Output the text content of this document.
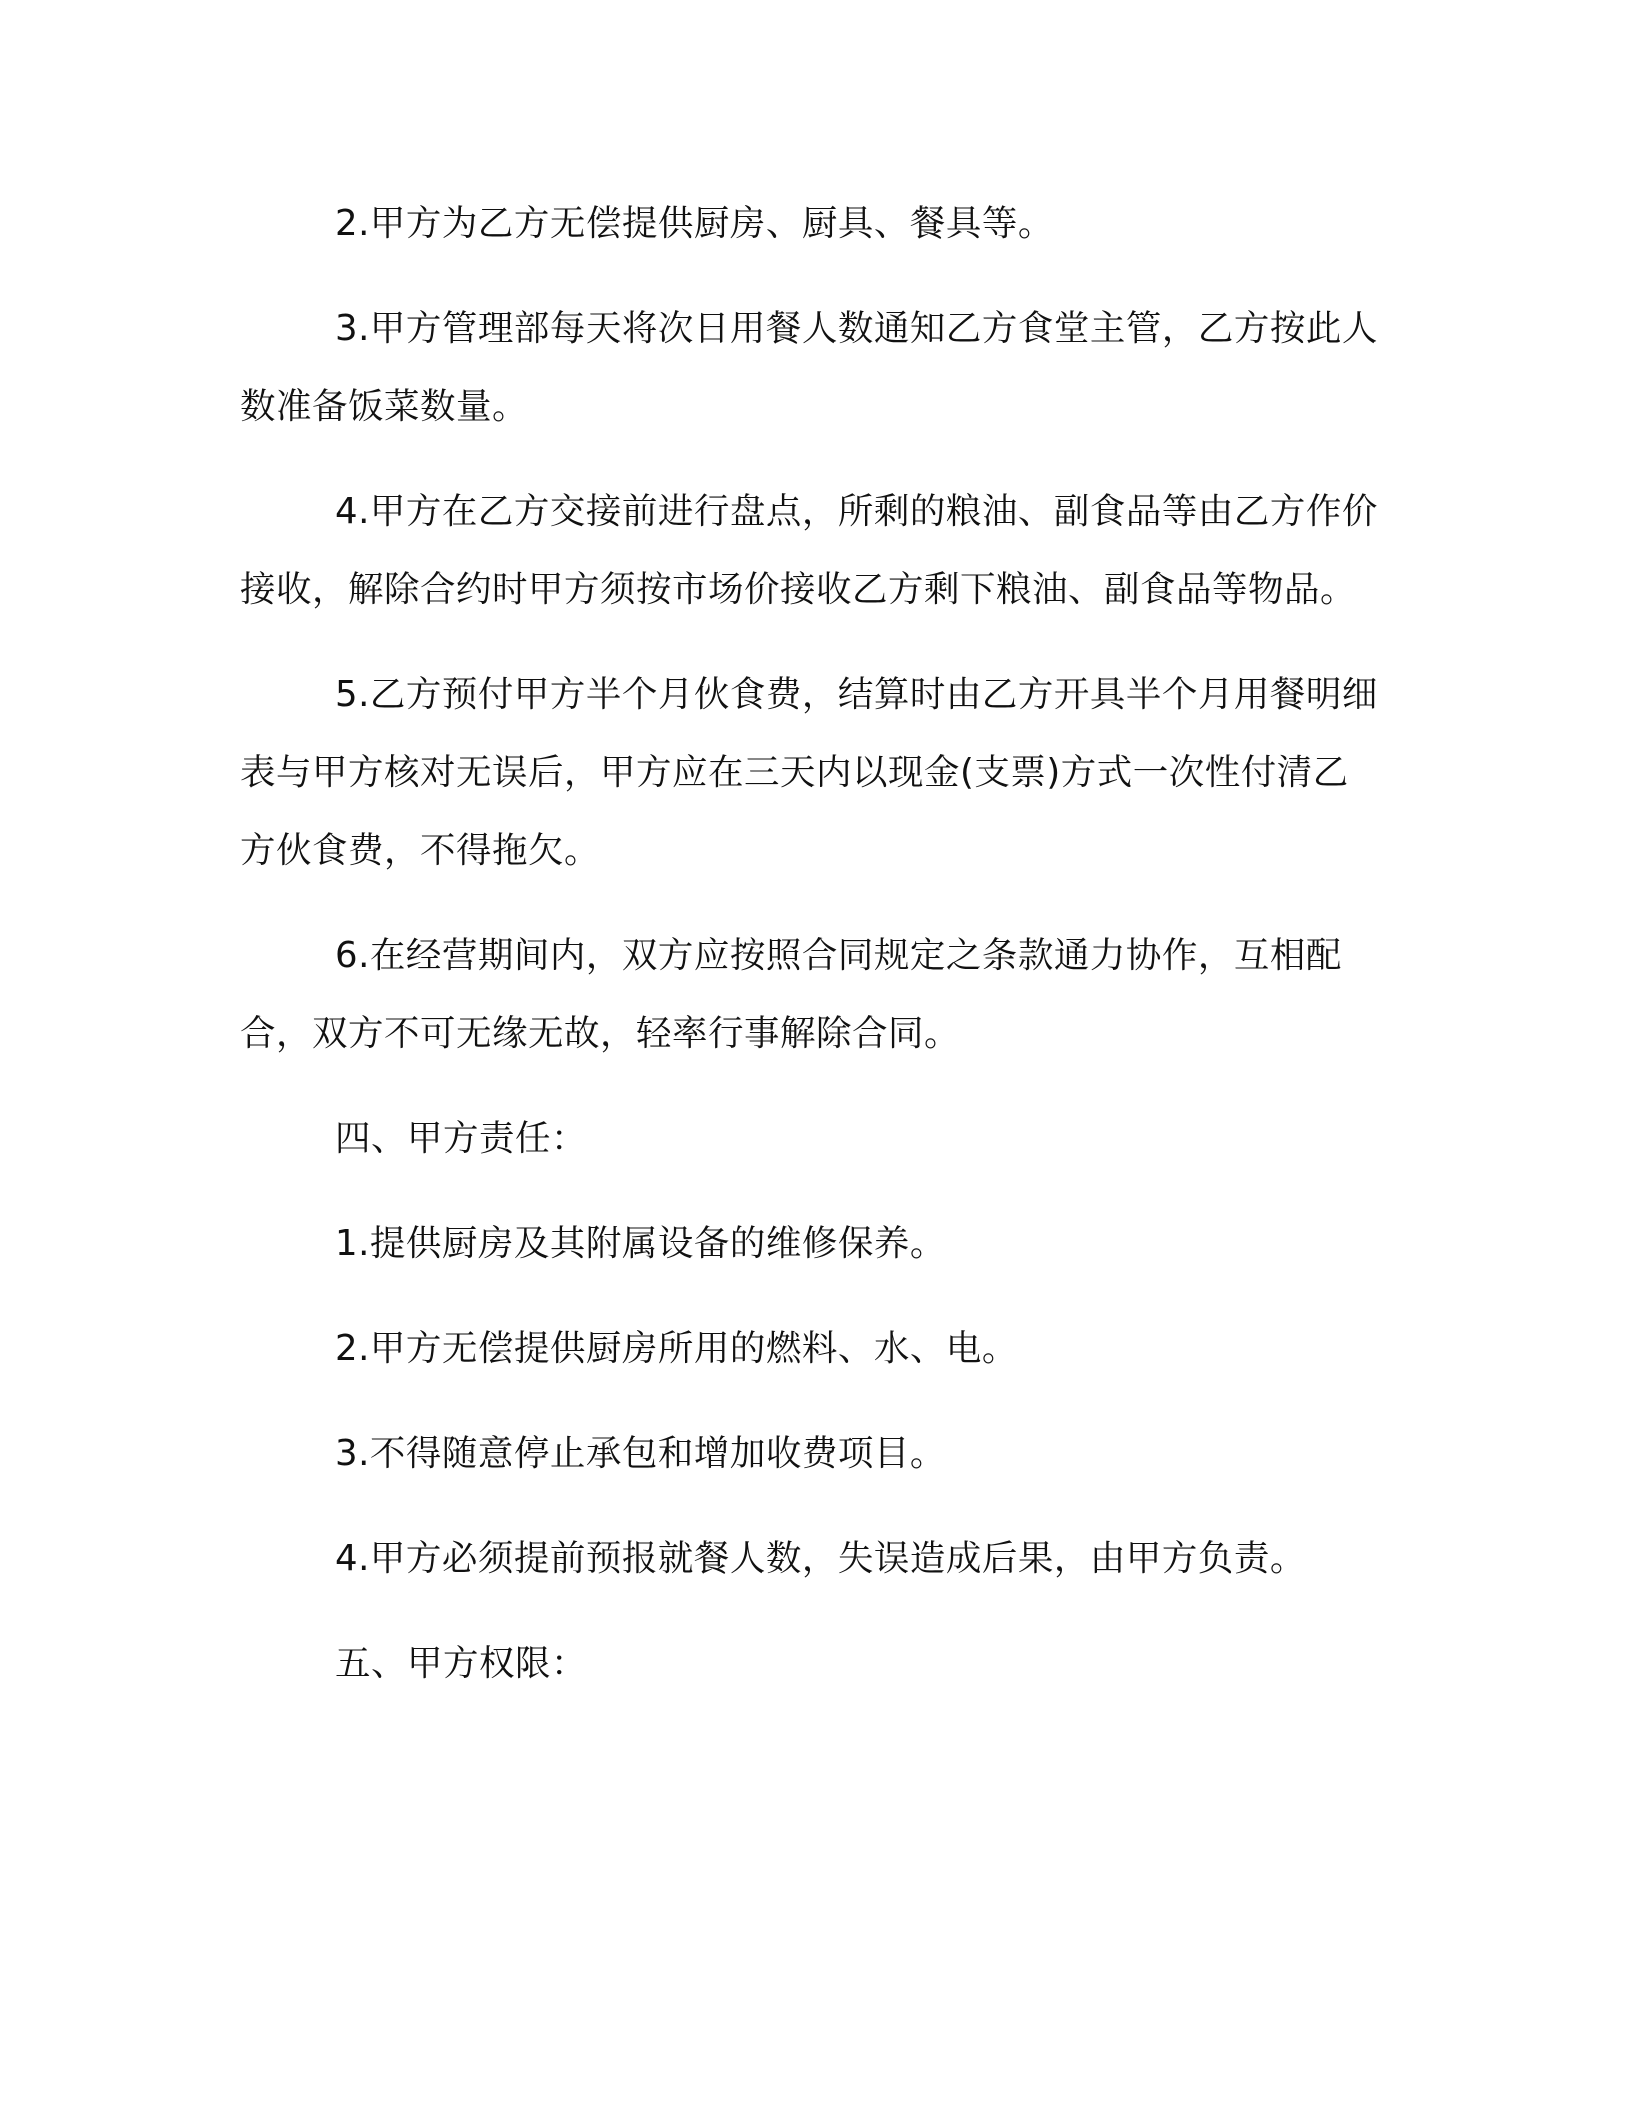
2.甲方为乙方无偿提供厨房、厨具、餐具等。

3.甲方管理部每天将次日用餐人数通知乙方食堂主管，乙方按此人数准备饭菜数量。

4.甲方在乙方交接前进行盘点，所剩的粮油、副食品等由乙方作价接收，解除合约时甲方须按市场价接收乙方剩下粮油、副食品等物品。

5.乙方预付甲方半个月伙食费，结算时由乙方开具半个月用餐明细表与甲方核对无误后，甲方应在三天内以现金(支票)方式一次性付清乙方伙食费，不得拖欠。

6.在经营期间内，双方应按照合同规定之条款通力协作，互相配合，双方不可无缘无故，轻率行事解除合同。

四、甲方责任：

1.提供厨房及其附属设备的维修保养。

2.甲方无偿提供厨房所用的燃料、水、电。

3.不得随意停止承包和增加收费项目。

4.甲方必须提前预报就餐人数，失误造成后果，由甲方负责。

五、甲方权限：
